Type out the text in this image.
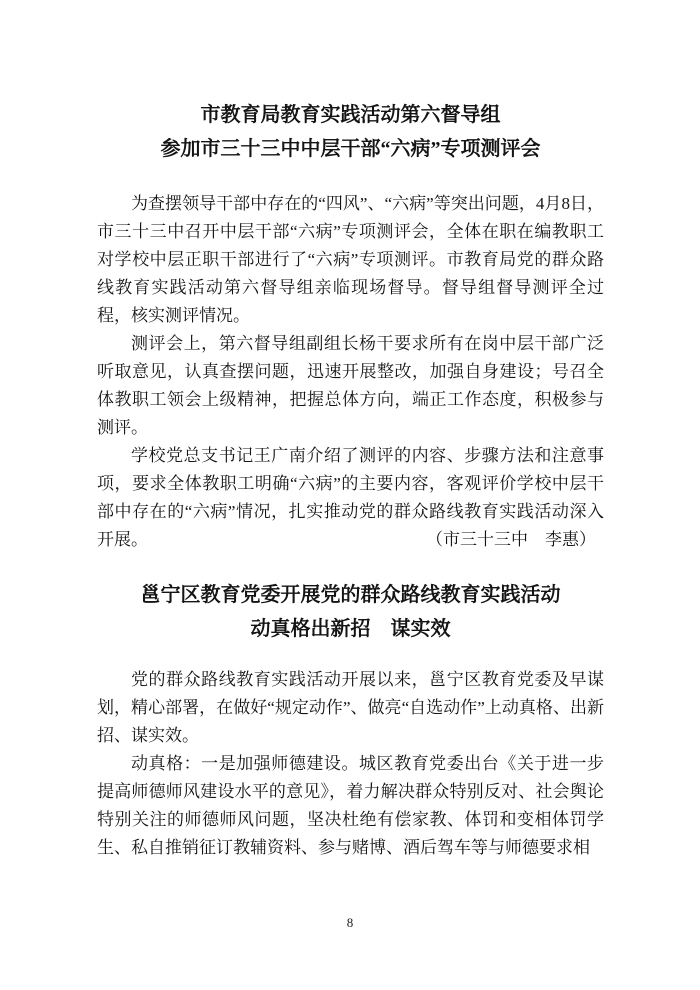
市教育局教育实践活动第六督导组
参加市三十三中中层干部“六病”专项测评会

为查摆领导干部中存在的“四风”、“六病”等突出问题，4月8日，市三十三中召开中层干部“六病”专项测评会，全体在职在编教职工对学校中层正职干部进行了“六病”专项测评。市教育局党的群众路线教育实践活动第六督导组亲临现场督导。督导组督导测评全过程，核实测评情况。

测评会上，第六督导组副组长杨干要求所有在岗中层干部广泛听取意见，认真查摆问题，迅速开展整改，加强自身建设；号召全体教职工领会上级精神，把握总体方向，端正工作态度，积极参与测评。

学校党总支书记王广南介绍了测评的内容、步骤方法和注意事项，要求全体教职工明确“六病”的主要内容，客观评价学校中层干部中存在的“六病”情况，扎实推动党的群众路线教育实践活动深入开展。	（市三十三中　李惠）

邕宁区教育党委开展党的群众路线教育实践活动
动真格出新招　谋实效

党的群众路线教育实践活动开展以来，邕宁区教育党委及早谋划，精心部署，在做好“规定动作”、做亮“自选动作”上动真格、出新招、谋实效。

动真格：一是加强师德建设。城区教育党委出台《关于进一步提高师德师风建设水平的意见》，着力解决群众特别反对、社会舆论特别关注的师德师风问题，坚决杜绝有偿家教、体罚和变相体罚学生、私自推销征订教辅资料、参与赌博、酒后驾车等与师德要求相

8
